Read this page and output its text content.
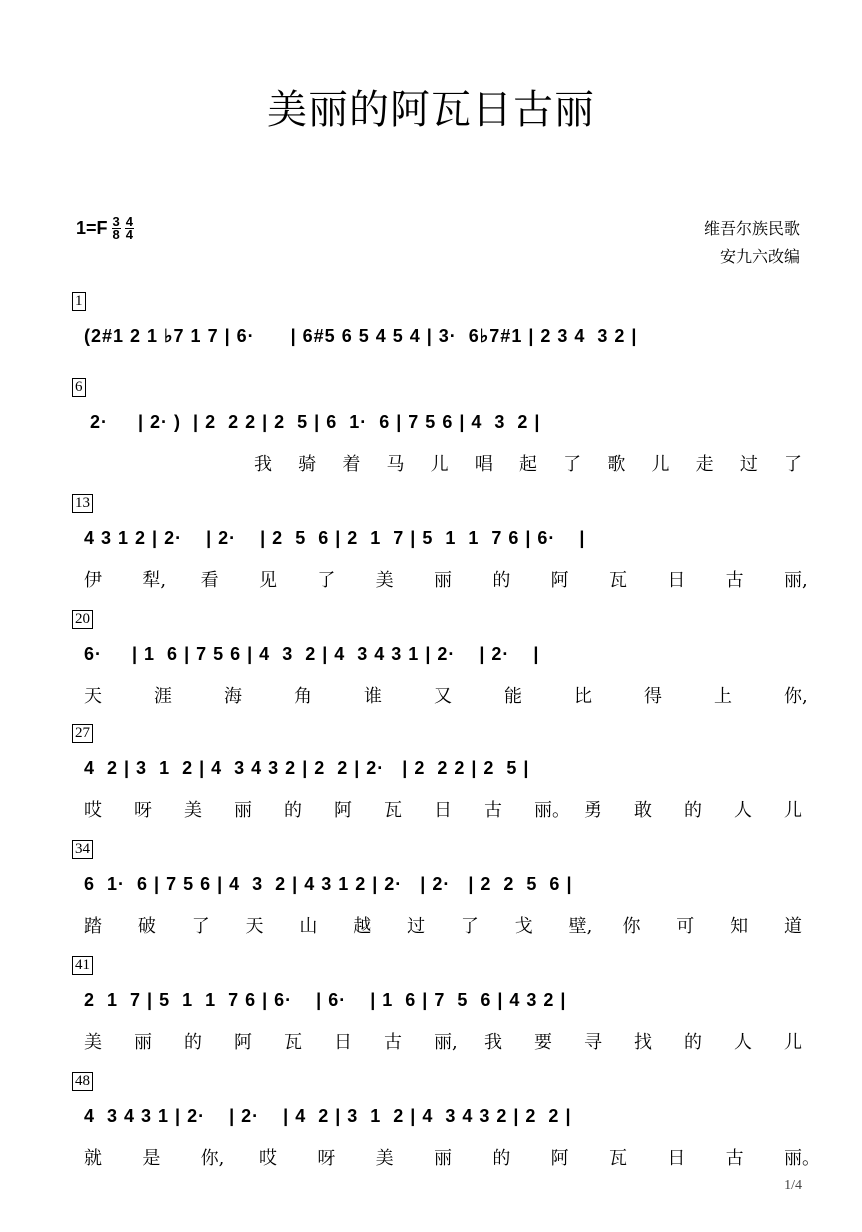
美丽的阿瓦日古丽
$1=F \frac{3}{8} \frac{4}{4}$	维吾尔族民歌
安九六改编
1
(2#1 2 1 ♭7 1 7 | 6·      | 6#5 6 5 4 5 4 | 3·  6♭7#1 | 2 3 4  3 2 |
6
2·     | 2· )  | 2  2 2 | 2  5 | 6  1·  6 | 7 5 6 | 4  3  2 |
我 骑 着 马 儿 唱 起 了 歌 儿 走 过 了
13
4 3 1 2 | 2·    | 2·    | 2  5  6 | 2  1  7 | 5  1  1  7 6 | 6·    |
伊 犁, 看 见 了 美 丽 的 阿 瓦 日 古 丽,
20
6·     | 1  6 | 7 5 6 | 4  3  2 | 4  3 4 3 1 | 2·    | 2·    |
天	涯	海	角	谁	又	能	比	得	上	你,
27
4  2 | 3  1  2 | 4  3 4 3 2 | 2  2 | 2·   | 2  2 2 | 2  5 |
哎 呀 美 丽 的 阿 瓦 日 古 丽。 勇 敢 的 人 儿
34
6  1·  6 | 7 5 6 | 4  3  2 | 4 3 1 2 | 2·   | 2·   | 2  2  5  6 |
踏 破 了 天 山 越 过 了 戈 壁, 你 可 知 道
41
2  1  7 | 5  1  1  7 6 | 6·    | 6·    | 1  6 | 7  5  6 | 4 3 2 |
美 丽 的 阿 瓦 日 古 丽, 我 要 寻 找 的 人 儿
48
4  3 4 3 1 | 2·    | 2·    | 4  2 | 3  1  2 | 4  3 4 3 2 | 2  2 |
就 是 你, 哎 呀 美 丽 的 阿 瓦 日 古 丽。
1/4
